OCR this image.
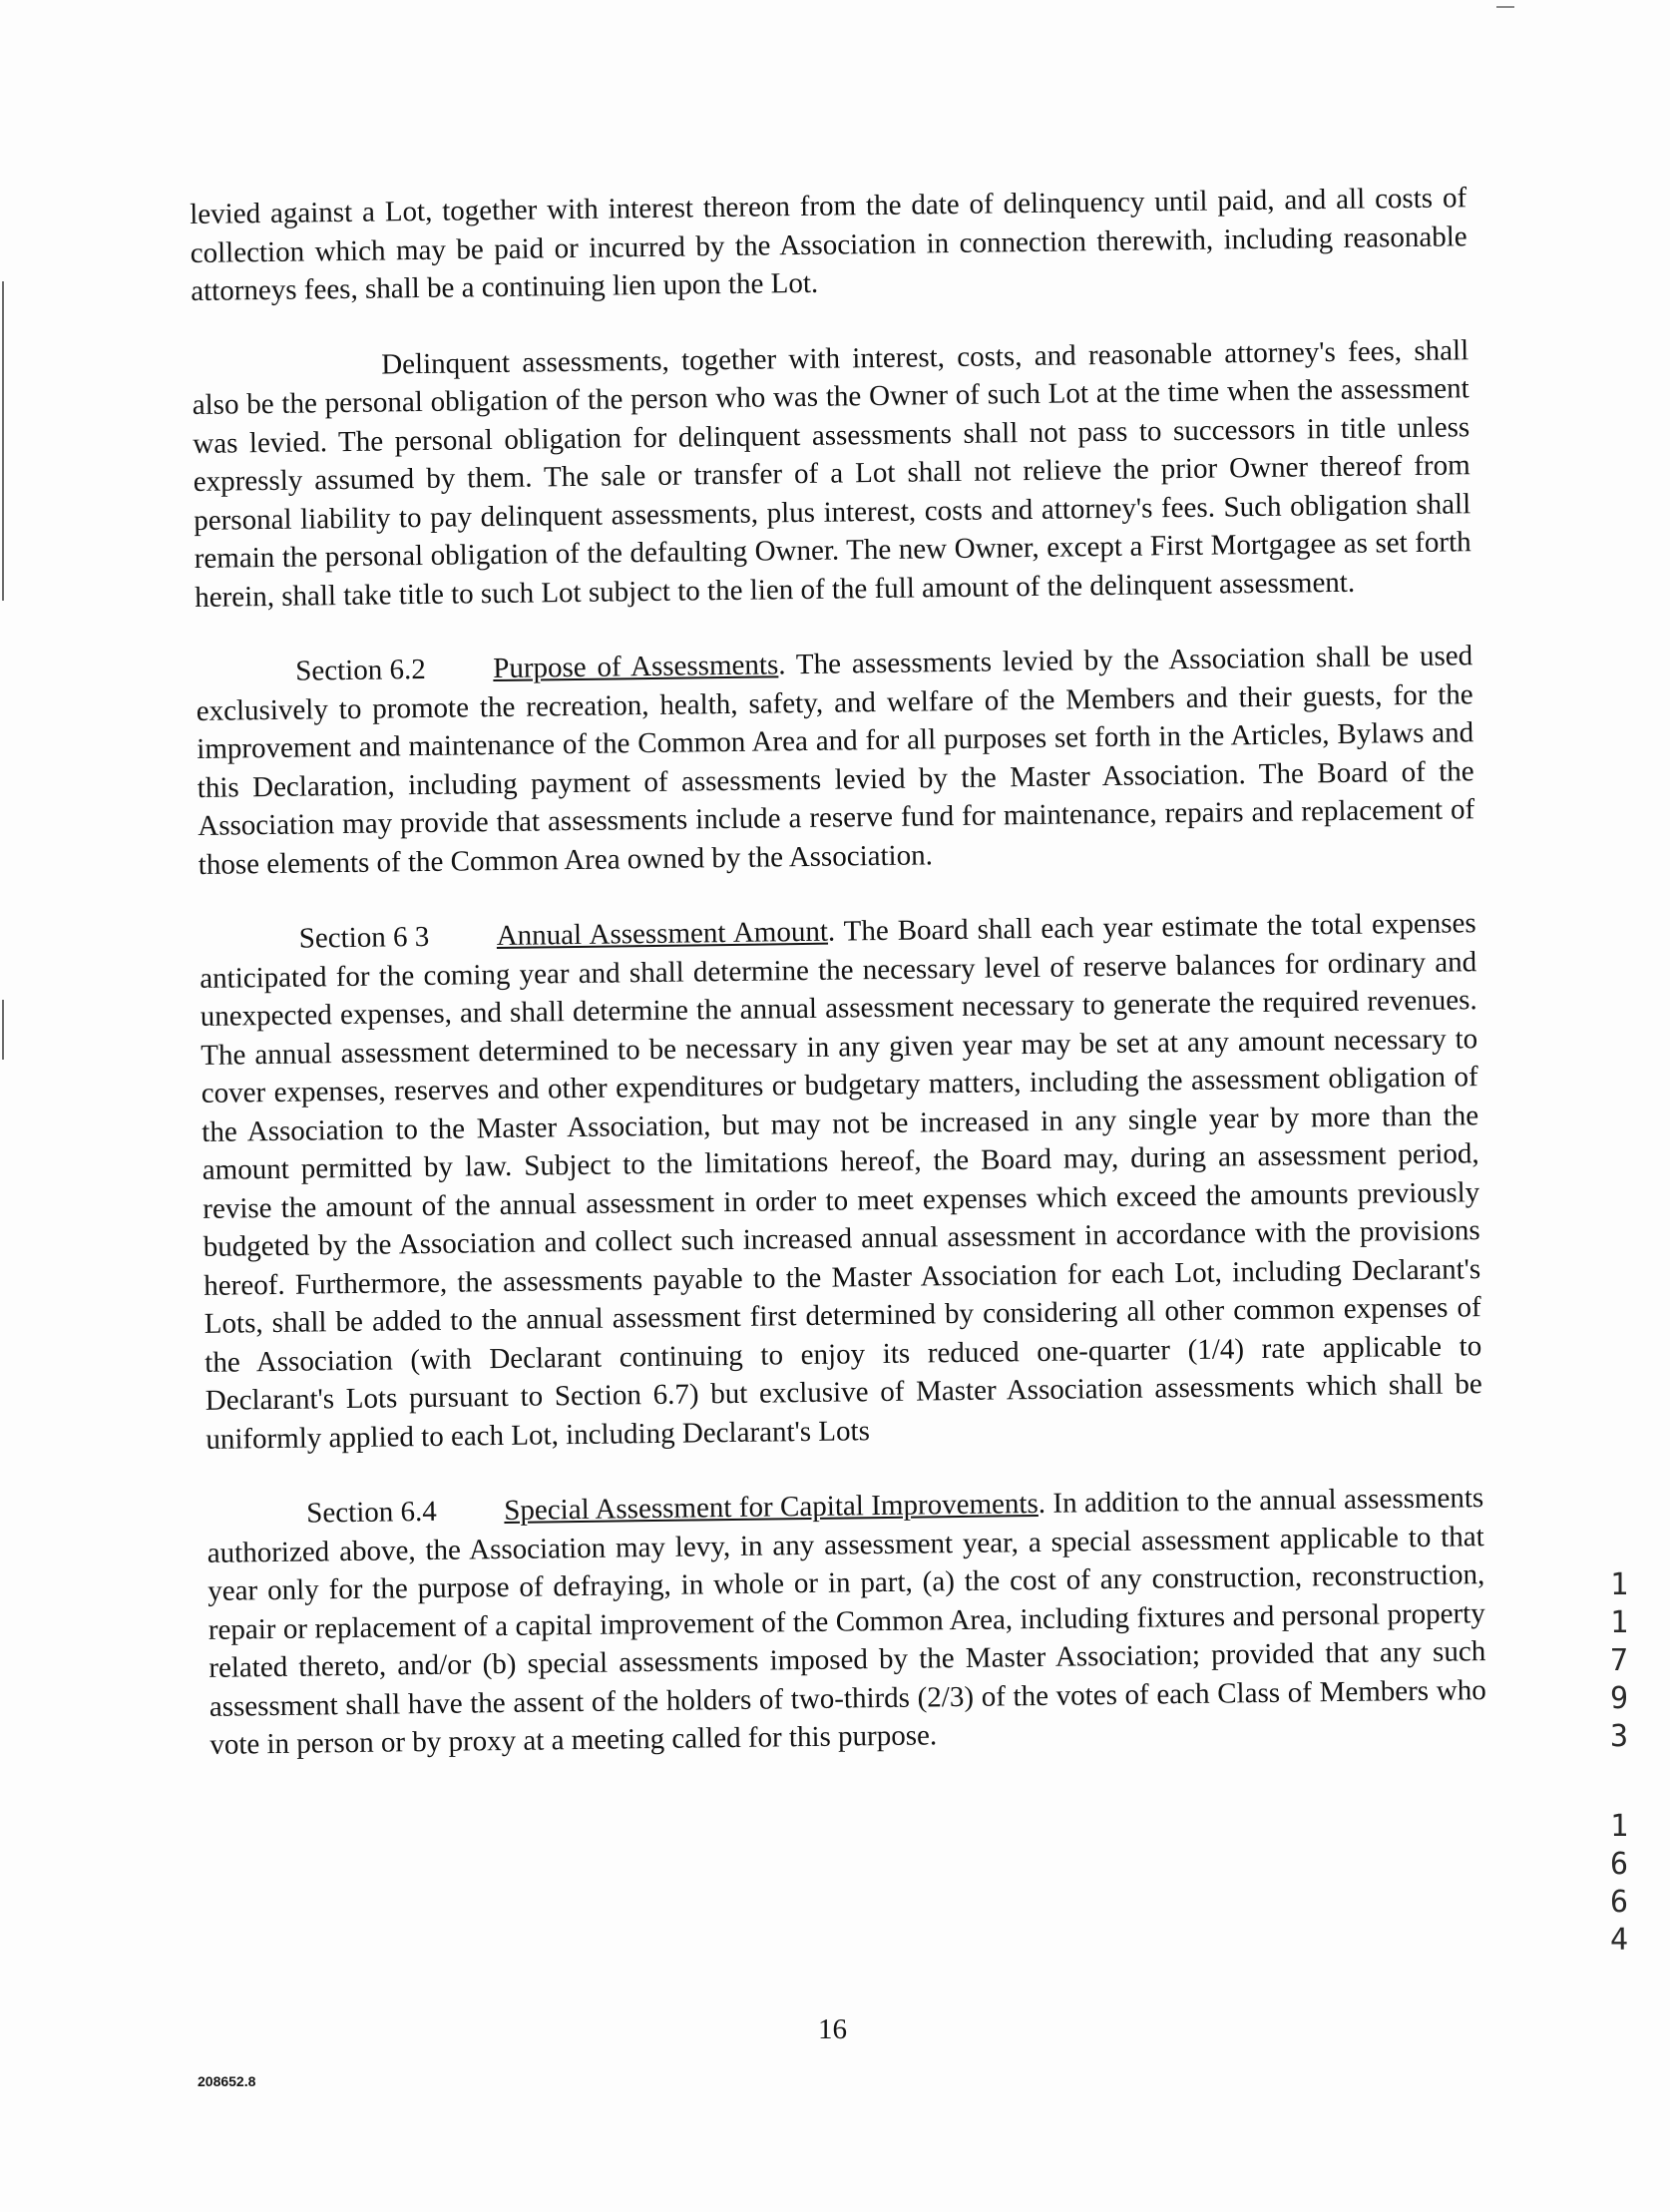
levied against a Lot, together with interest thereon from the date of delinquency until paid, and all costs of collection which may be paid or incurred by the Association in connection therewith, including reasonable attorneys fees, shall be a continuing lien upon the Lot.

Delinquent assessments, together with interest, costs, and reasonable attorney's fees, shall also be the personal obligation of the person who was the Owner of such Lot at the time when the assessment was levied. The personal obligation for delinquent assessments shall not pass to successors in title unless expressly assumed by them. The sale or transfer of a Lot shall not relieve the prior Owner thereof from personal liability to pay delinquent assessments, plus interest, costs and attorney's fees. Such obligation shall remain the personal obligation of the defaulting Owner. The new Owner, except a First Mortgagee as set forth herein, shall take title to such Lot subject to the lien of the full amount of the delinquent assessment.

Section 6.2 Purpose of Assessments. The assessments levied by the Association shall be used exclusively to promote the recreation, health, safety, and welfare of the Members and their guests, for the improvement and maintenance of the Common Area and for all purposes set forth in the Articles, Bylaws and this Declaration, including payment of assessments levied by the Master Association. The Board of the Association may provide that assessments include a reserve fund for maintenance, repairs and replacement of those elements of the Common Area owned by the Association.

Section 6 3 Annual Assessment Amount. The Board shall each year estimate the total expenses anticipated for the coming year and shall determine the necessary level of reserve balances for ordinary and unexpected expenses, and shall determine the annual assessment necessary to generate the required revenues. The annual assessment determined to be necessary in any given year may be set at any amount necessary to cover expenses, reserves and other expenditures or budgetary matters, including the assessment obligation of the Association to the Master Association, but may not be increased in any single year by more than the amount permitted by law. Subject to the limitations hereof, the Board may, during an assessment period, revise the amount of the annual assessment in order to meet expenses which exceed the amounts previously budgeted by the Association and collect such increased annual assessment in accordance with the provisions hereof. Furthermore, the assessments payable to the Master Association for each Lot, including Declarant's Lots, shall be added to the annual assessment first determined by considering all other common expenses of the Association (with Declarant continuing to enjoy its reduced one-quarter (1/4) rate applicable to Declarant's Lots pursuant to Section 6.7) but exclusive of Master Association assessments which shall be uniformly applied to each Lot, including Declarant's Lots

Section 6.4 Special Assessment for Capital Improvements. In addition to the annual assessments authorized above, the Association may levy, in any assessment year, a special assessment applicable to that year only for the purpose of defraying, in whole or in part, (a) the cost of any construction, reconstruction, repair or replacement of a capital improvement of the Common Area, including fixtures and personal property related thereto, and/or (b) special assessments imposed by the Master Association; provided that any such assessment shall have the assent of the holders of two-thirds (2/3) of the votes of each Class of Members who vote in person or by proxy at a meeting called for this purpose.

1
1
7
9
3
1
6
6
4
16
208652.8
